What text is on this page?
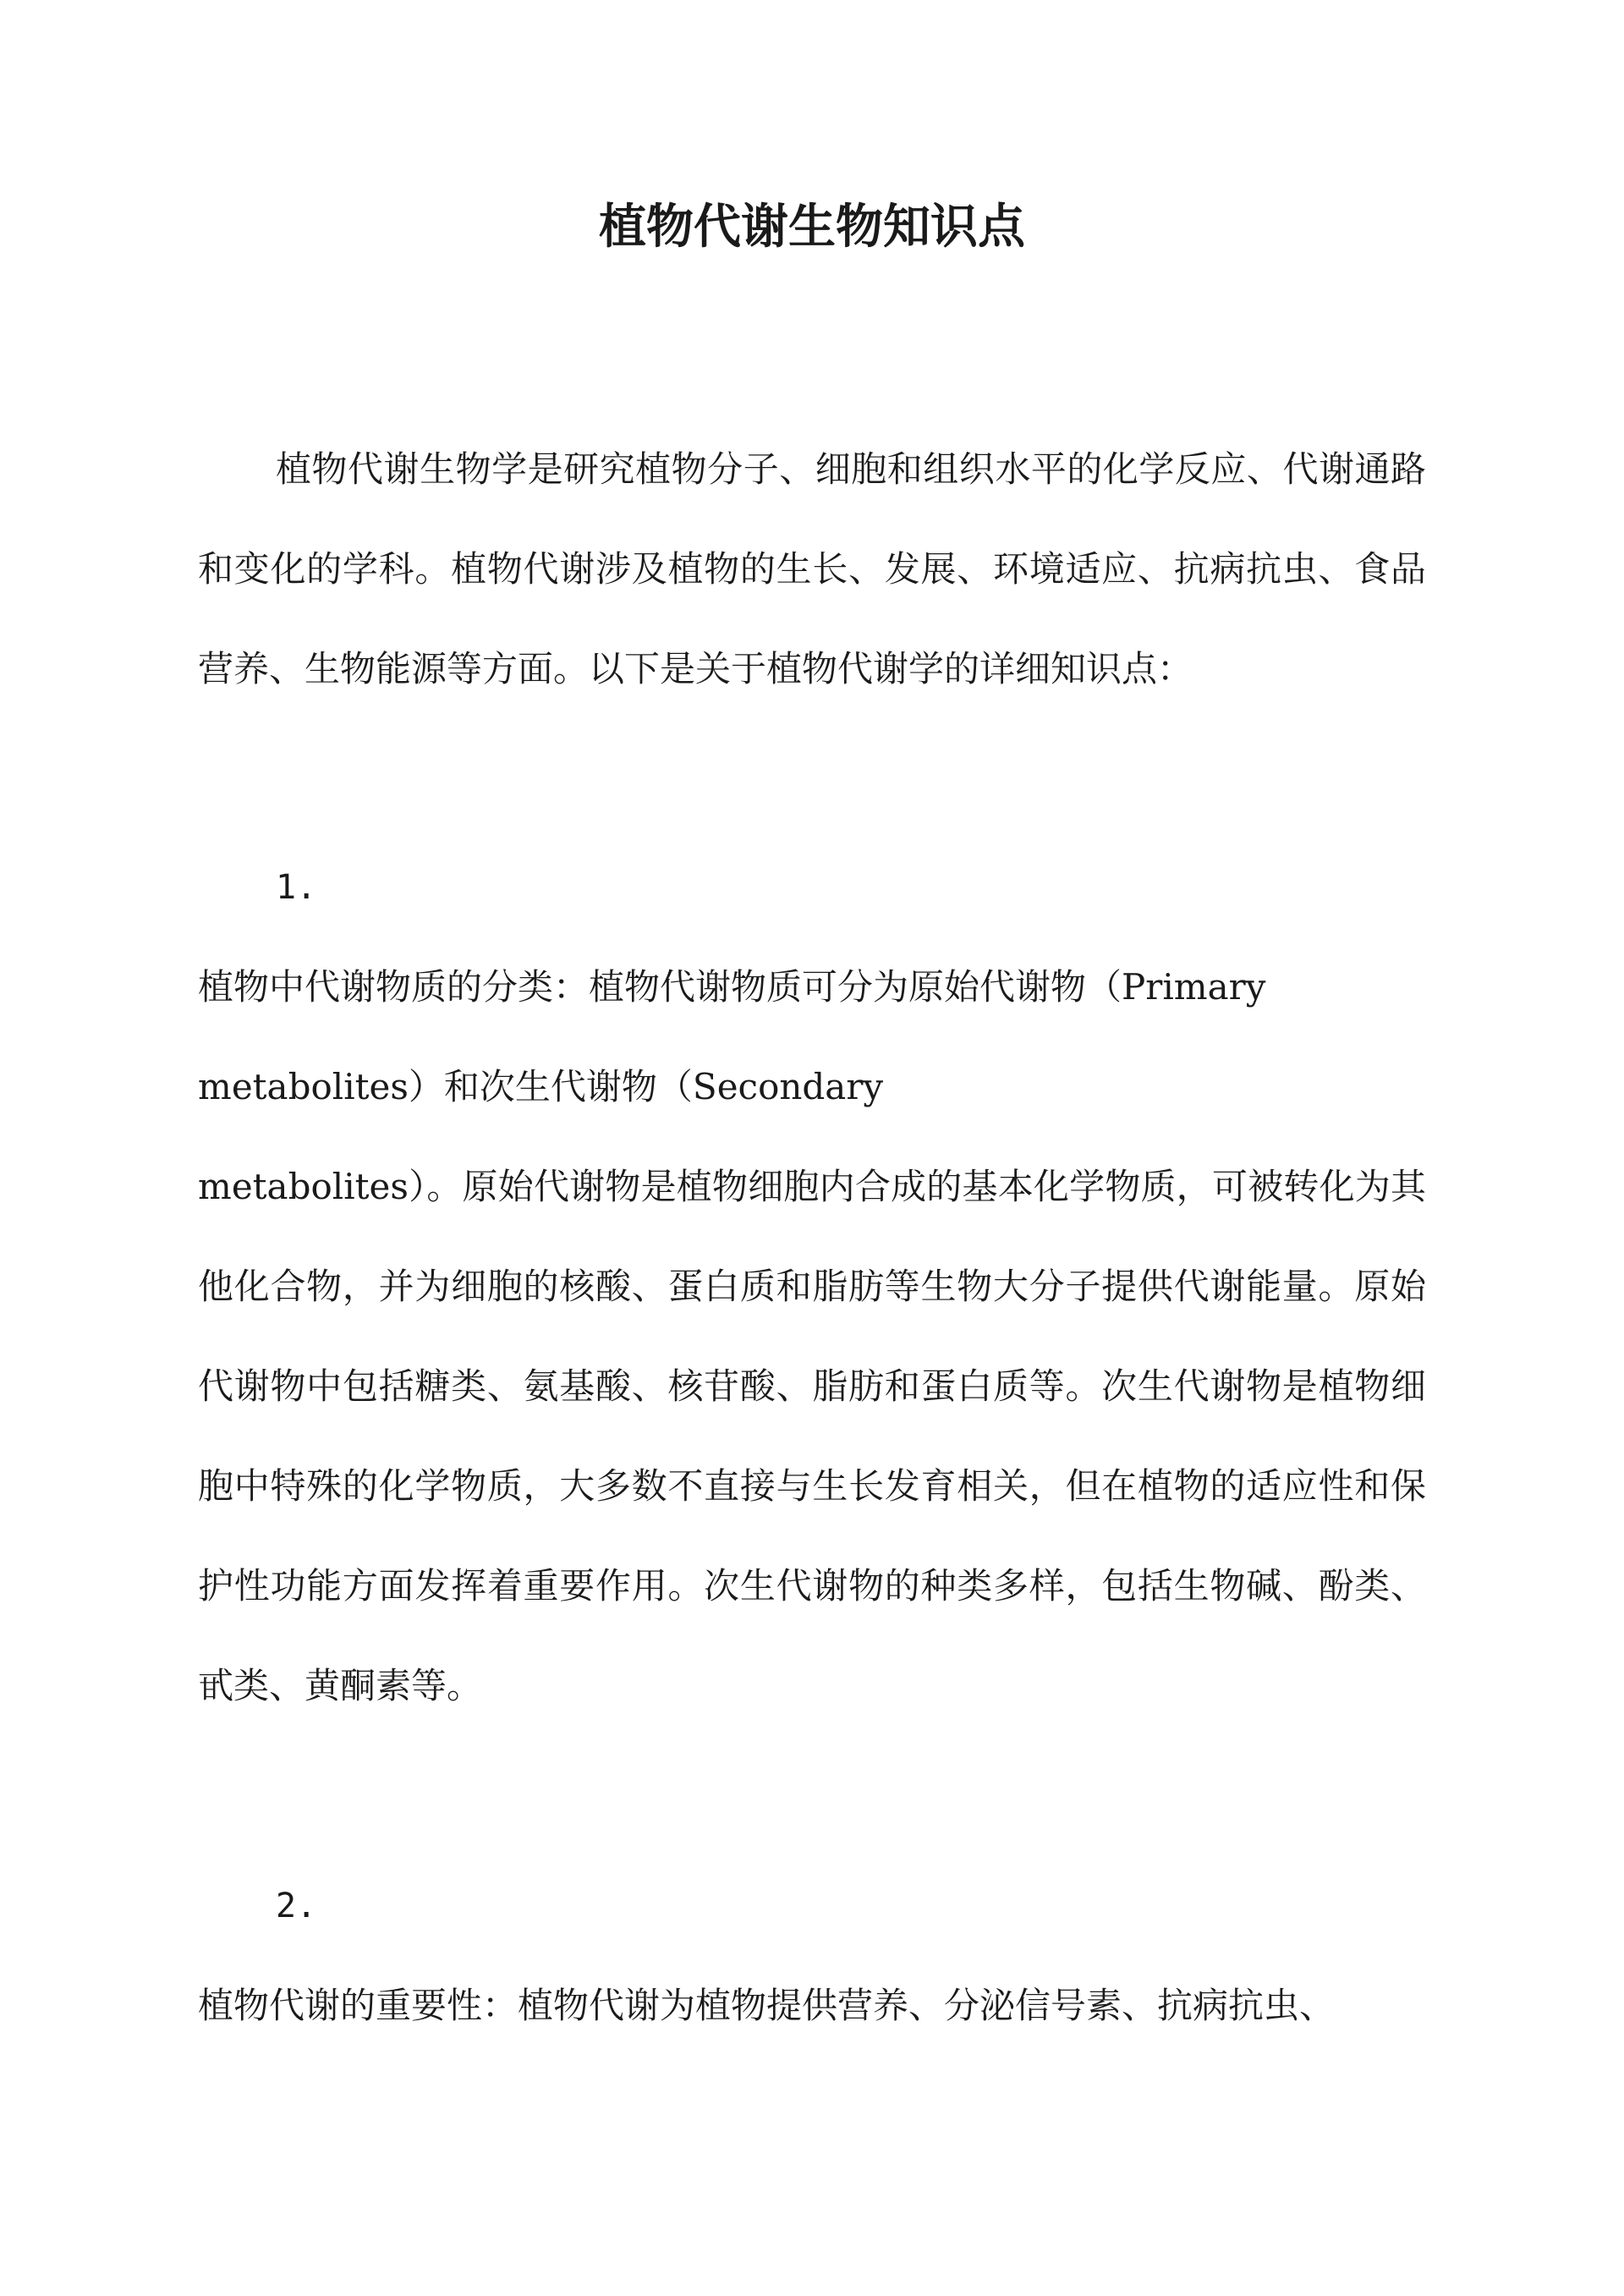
植物代谢生物知识点

植物代谢生物学是研究植物分子、细胞和组织水平的化学反应、代谢通路和变化的学科。植物代谢涉及植物的生长、发展、环境适应、抗病抗虫、食品营养、生物能源等方面。以下是关于植物代谢学的详细知识点：

1.

植物中代谢物质的分类：植物代谢物质可分为原始代谢物（Primary
metabolites）和次生代谢物（Secondary
metabolites）。原始代谢物是植物细胞内合成的基本化学物质，可被转化为其他化合物，并为细胞的核酸、蛋白质和脂肪等生物大分子提供代谢能量。原始代谢物中包括糖类、氨基酸、核苷酸、脂肪和蛋白质等。次生代谢物是植物细胞中特殊的化学物质，大多数不直接与生长发育相关，但在植物的适应性和保护性功能方面发挥着重要作用。次生代谢物的种类多样，包括生物碱、酚类、甙类、黄酮素等。

2.

植物代谢的重要性：植物代谢为植物提供营养、分泌信号素、抗病抗虫、
